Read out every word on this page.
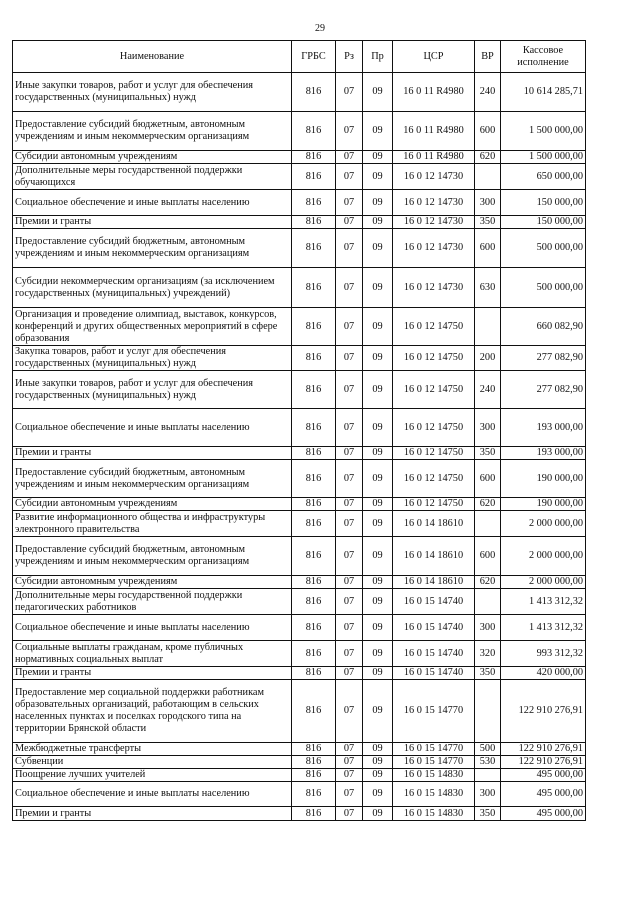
29
Наименование	ГРБС	Рз	Пр	ЦСР	ВР	Кассовое исполнение
Иные закупки товаров, работ и услуг для обеспечения государственных (муниципальных) нужд	816	07	09	16 0 11 R4980	240	10 614 285,71
Предоставление субсидий бюджетным, автономным учреждениям и иным некоммерческим организациям	816	07	09	16 0 11 R4980	600	1 500 000,00
Субсидии автономным учреждениям	816	07	09	16 0 11 R4980	620	1 500 000,00
Дополнительные меры государственной поддержки обучающихся	816	07	09	16 0 12 14730		650 000,00
Социальное обеспечение и иные выплаты населению	816	07	09	16 0 12 14730	300	150 000,00
Премии и гранты	816	07	09	16 0 12 14730	350	150 000,00
Предоставление субсидий бюджетным, автономным учреждениям и иным некоммерческим организациям	816	07	09	16 0 12 14730	600	500 000,00
Субсидии некоммерческим организациям (за исключением государственных (муниципальных) учреждений)	816	07	09	16 0 12 14730	630	500 000,00
Организация и проведение олимпиад, выставок, конкурсов, конференций и других общественных мероприятий в сфере образования	816	07	09	16 0 12 14750		660 082,90
Закупка товаров, работ и услуг для обеспечения государственных (муниципальных) нужд	816	07	09	16 0 12 14750	200	277 082,90
Иные закупки товаров, работ и услуг для обеспечения государственных (муниципальных) нужд	816	07	09	16 0 12 14750	240	277 082,90
Социальное обеспечение и иные выплаты населению	816	07	09	16 0 12 14750	300	193 000,00
Премии и гранты	816	07	09	16 0 12 14750	350	193 000,00
Предоставление субсидий бюджетным, автономным учреждениям и иным некоммерческим организациям	816	07	09	16 0 12 14750	600	190 000,00
Субсидии автономным учреждениям	816	07	09	16 0 12 14750	620	190 000,00
Развитие информационного общества и инфраструктуры электронного правительства	816	07	09	16 0 14 18610		2 000 000,00
Предоставление субсидий бюджетным, автономным учреждениям и иным некоммерческим организациям	816	07	09	16 0 14 18610	600	2 000 000,00
Субсидии автономным учреждениям	816	07	09	16 0 14 18610	620	2 000 000,00
Дополнительные меры государственной поддержки педагогических работников	816	07	09	16 0 15 14740		1 413 312,32
Социальное обеспечение и иные выплаты населению	816	07	09	16 0 15 14740	300	1 413 312,32
Социальные выплаты гражданам, кроме публичных нормативных социальных выплат	816	07	09	16 0 15 14740	320	993 312,32
Премии и гранты	816	07	09	16 0 15 14740	350	420 000,00
Предоставление мер социальной поддержки работникам образовательных организаций, работающим в сельских населенных пунктах и поселках городского типа на территории Брянской области	816	07	09	16 0 15 14770		122 910 276,91
Межбюджетные трансферты	816	07	09	16 0 15 14770	500	122 910 276,91
Субвенции	816	07	09	16 0 15 14770	530	122 910 276,91
Поощрение лучших учителей	816	07	09	16 0 15 14830		495 000,00
Социальное обеспечение и иные выплаты населению	816	07	09	16 0 15 14830	300	495 000,00
Премии и гранты	816	07	09	16 0 15 14830	350	495 000,00
